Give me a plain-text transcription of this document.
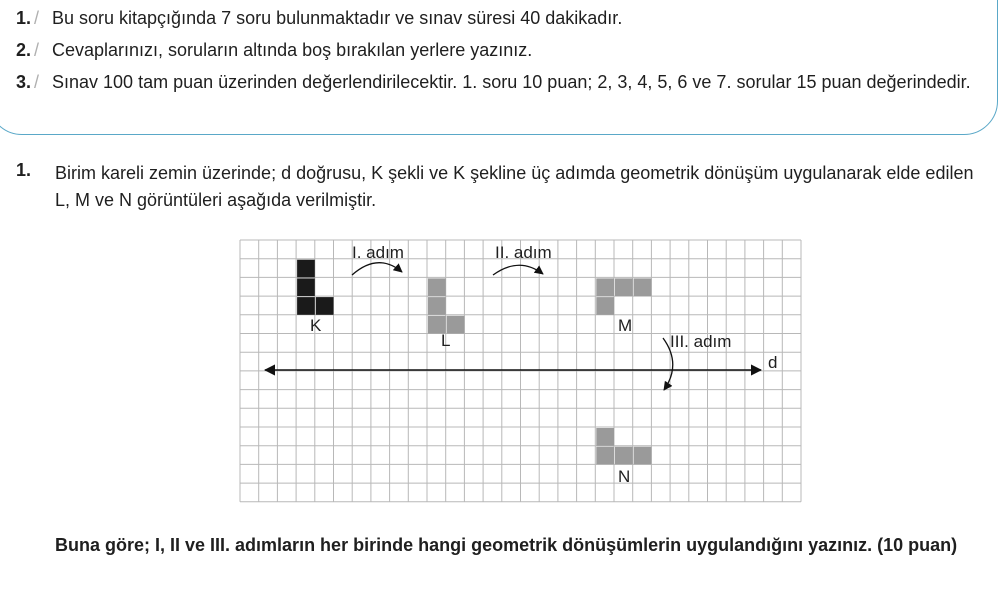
1. / Bu soru kitapçığında 7 soru bulunmaktadır ve sınav süresi 40 dakikadır.
2. / Cevaplarınızı, soruların altında boş bırakılan yerlere yazınız.
3. / Sınav 100 tam puan üzerinden değerlendirilecektir. 1. soru 10 puan; 2, 3, 4, 5, 6 ve 7. sorular 15 puan değerindedir.
1. Birim kareli zemin üzerinde; d doğrusu, K şekli ve K şekline üç adımda geometrik dönüşüm uygulanarak elde edilen L, M ve N görüntüleri aşağıda verilmiştir.
I. adım	II. adım
III. adım
K
L
M
N
d
Buna göre; I, II ve III. adımların her birinde hangi geometrik dönüşümlerin uygulandığını yazınız. (10 puan)
